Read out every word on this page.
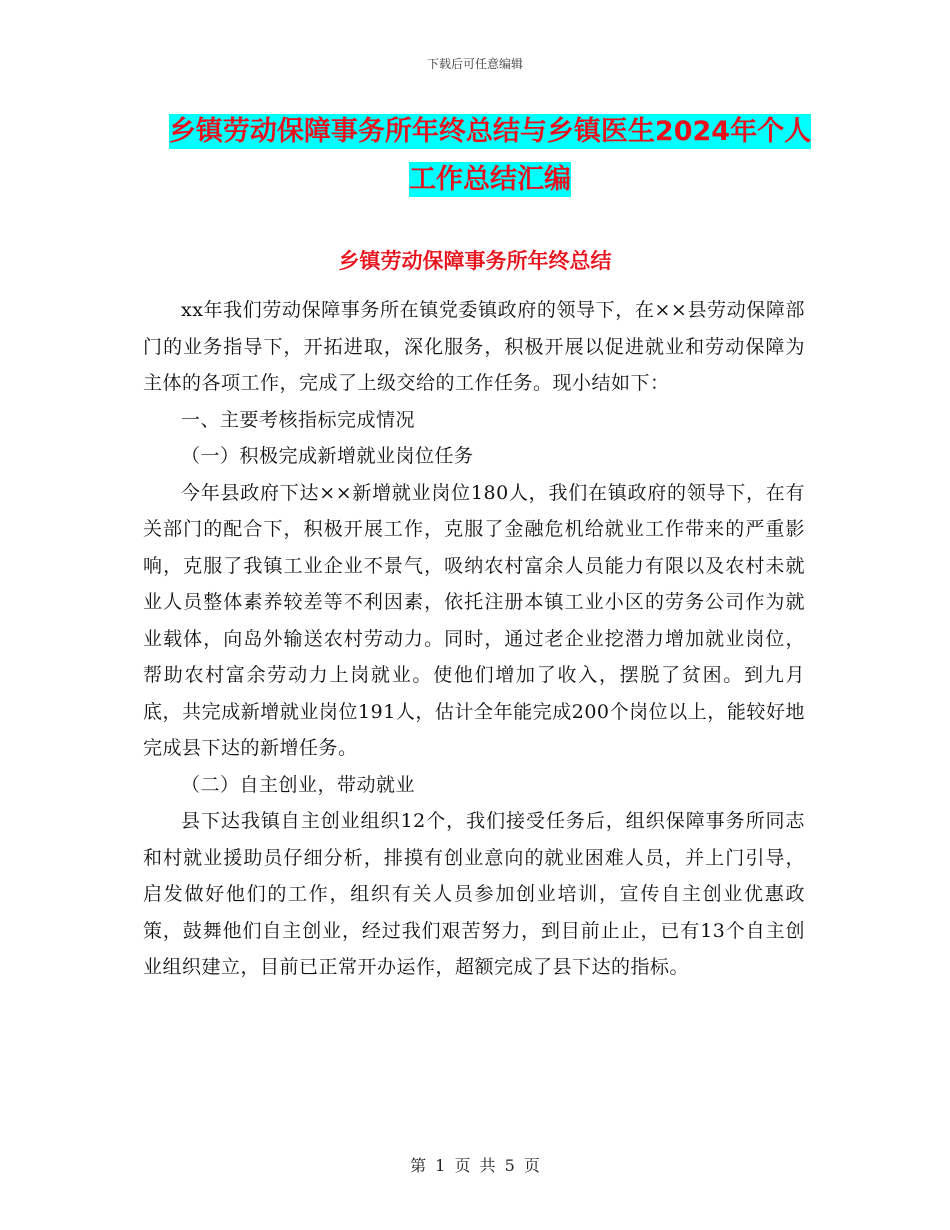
下载后可任意编辑
乡镇劳动保障事务所年终总结与乡镇医生2024年个人
工作总结汇编
乡镇劳动保障事务所年终总结

xx年我们劳动保障事务所在镇党委镇政府的领导下，在××县劳动保障部门的业务指导下，开拓进取，深化服务，积极开展以促进就业和劳动保障为主体的各项工作，完成了上级交给的工作任务。现小结如下：

一、主要考核指标完成情况

（一）积极完成新增就业岗位任务

今年县政府下达××新增就业岗位180人，我们在镇政府的领导下，在有关部门的配合下，积极开展工作，克服了金融危机给就业工作带来的严重影响，克服了我镇工业企业不景气，吸纳农村富余人员能力有限以及农村未就业人员整体素养较差等不利因素，依托注册本镇工业小区的劳务公司作为就业载体，向岛外输送农村劳动力。同时，通过老企业挖潜力增加就业岗位，帮助农村富余劳动力上岗就业。使他们增加了收入，摆脱了贫困。到九月底，共完成新增就业岗位191人，估计全年能完成200个岗位以上，能较好地完成县下达的新增任务。

（二）自主创业，带动就业

县下达我镇自主创业组织12个，我们接受任务后，组织保障事务所同志和村就业援助员仔细分析，排摸有创业意向的就业困难人员，并上门引导，启发做好他们的工作，组织有关人员参加创业培训，宣传自主创业优惠政策，鼓舞他们自主创业，经过我们艰苦努力，到目前止止，已有13个自主创业组织建立，目前已正常开办运作，超额完成了县下达的指标。

第 1 页 共 5 页
